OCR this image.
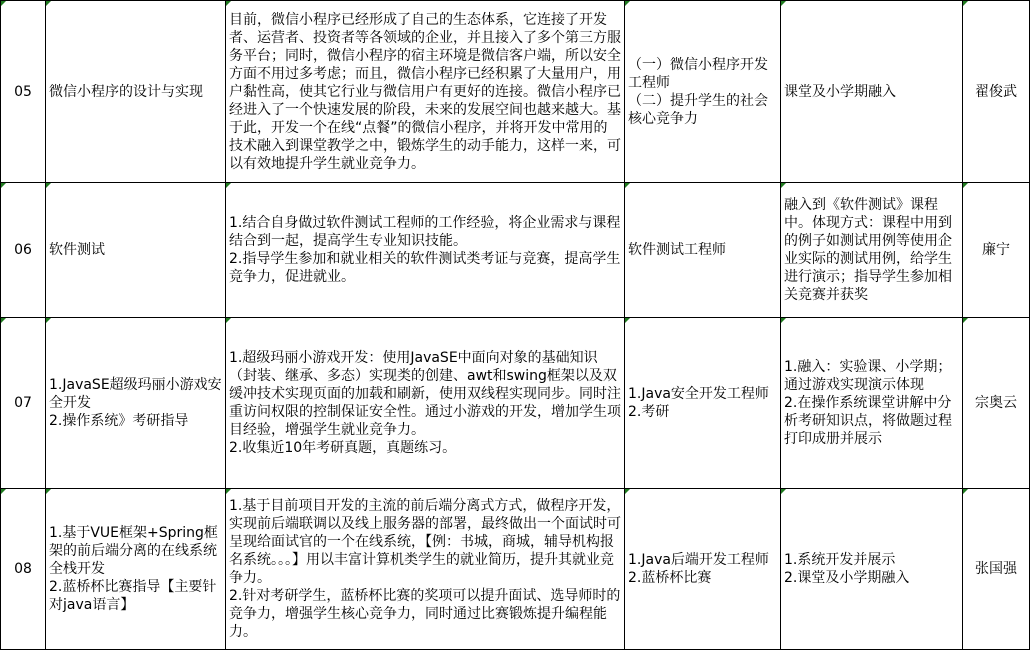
05	微信小程序的设计与实现	目前，微信小程序已经形成了自己的生态体系，它连接了开发者、运营者、投资者等各领域的企业，并且接入了多个第三方服务平台；同时，微信小程序的宿主环境是微信客户端，所以安全方面不用过多考虑；而且，微信小程序已经积累了大量用户，用户黏性高，使其它行业与微信用户有更好的连接。微信小程序已经进入了一个快速发展的阶段，未来的发展空间也越来越大。基于此，开发一个在线“点餐”的微信小程序，并将开发中常用的技术融入到课堂教学之中，锻炼学生的动手能力，这样一来，可以有效地提升学生就业竞争力。	（一）微信小程序开发工程师
（二）提升学生的社会核心竞争力	课堂及小学期融入	翟俊武
06	软件测试	1.结合自身做过软件测试工程师的工作经验，将企业需求与课程结合到一起，提高学生专业知识技能。
2.指导学生参加和就业相关的软件测试类考证与竞赛，提高学生竞争力，促进就业。	软件测试工程师	融入到《软件测试》课程中。体现方式：课程中用到的例子如测试用例等使用企业实际的测试用例，给学生进行演示；指导学生参加相关竞赛并获奖	廉宁
07	1.JavaSE超级玛丽小游戏安全开发
2.操作系统》考研指导	1.超级玛丽小游戏开发：使用JavaSE中面向对象的基础知识（封装、继承、多态）实现类的创建、awt和swing框架以及双缓冲技术实现页面的加载和刷新，使用双线程实现同步。同时注重访问权限的控制保证安全性。通过小游戏的开发，增加学生项目经验，增强学生就业竞争力。
2.收集近10年考研真题，真题练习。	1.Java安全开发工程师
2.考研	1.融入：实验课、小学期；通过游戏实现演示体现
2.在操作系统课堂讲解中分析考研知识点，将做题过程打印成册并展示	宗奥云
08	1.基于VUE框架+Spring框架的前后端分离的在线系统全栈开发
2.蓝桥杯比赛指导【主要针对java语言】	1.基于目前项目开发的主流的前后端分离式方式，做程序开发，实现前后端联调以及线上服务器的部署，最终做出一个面试时可呈现给面试官的一个在线系统，【例：书城，商城，辅导机构报名系统。。。】用以丰富计算机类学生的就业简历，提升其就业竞争力。
2.针对考研学生，蓝桥杯比赛的奖项可以提升面试、选导师时的竞争力，增强学生核心竞争力，同时通过比赛锻炼提升编程能力。	1.Java后端开发工程师
2.蓝桥杯比赛	1.系统开发并展示
2.课堂及小学期融入	张国强
